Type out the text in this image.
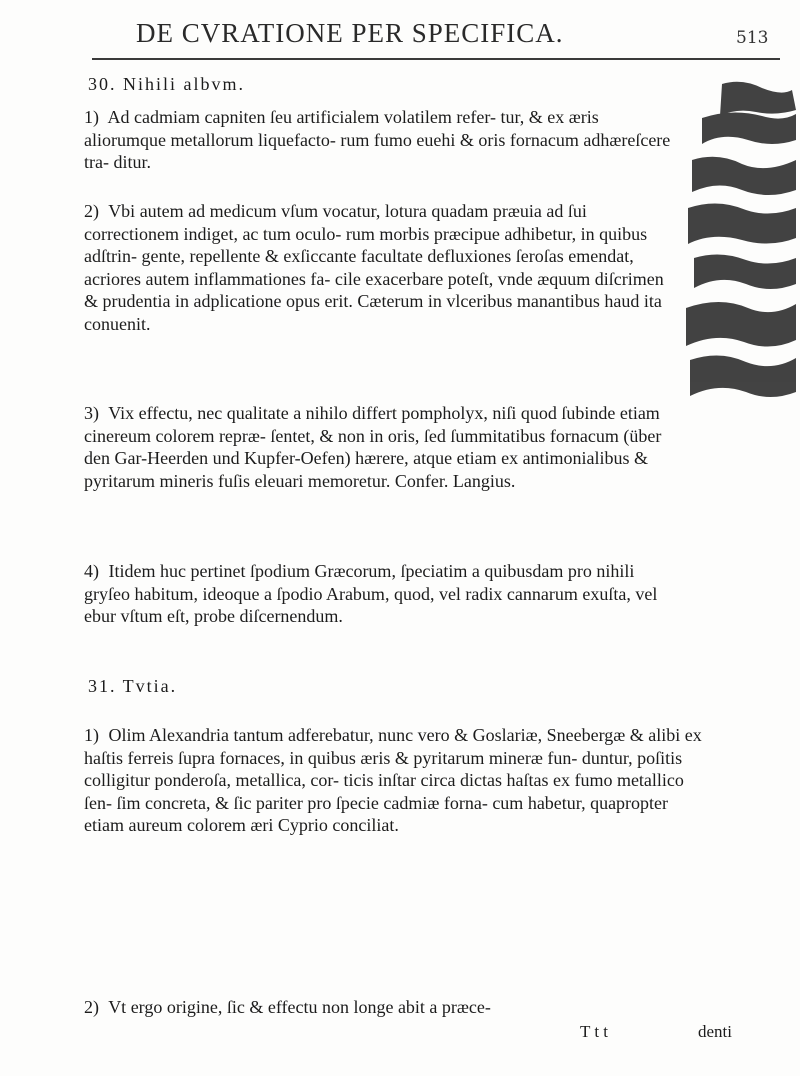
DE CVRATIONE PER SPECIFICA.	513
30. Nihili albvm.
1) Ad cadmiam capniten ſeu artificialem volatilem refer- tur, & ex æris aliorumque metallorum liquefacto- rum fumo euehi & oris fornacum adhæreſcere tra- ditur.
2) Vbi autem ad medicum vſum vocatur, lotura quadam præuia ad ſui correctionem indiget, ac tum oculo- rum morbis præcipue adhibetur, in quibus adſtrin- gente, repellente & exſiccante facultate defluxiones ſeroſas emendat, acriores autem inflammationes fa- cile exacerbare poteſt, vnde æquum diſcrimen & prudentia in adplicatione opus erit. Cæterum in vlceribus manantibus haud ita conuenit.
3) Vix effectu, nec qualitate a nihilo differt pompholyx, niſi quod ſubinde etiam cinereum colorem repræ- ſentet, & non in oris, ſed ſummitatibus fornacum (über den Gar-Heerden und Kupfer-Oefen) hærere, atque etiam ex antimonialibus & pyritarum mineris fuſis eleuari memoretur. Confer. Langius.
4) Itidem huc pertinet ſpodium Græcorum, ſpeciatim a quibusdam pro nihili gryſeo habitum, ideoque a ſpodio Arabum, quod, vel radix cannarum exuſta, vel ebur vſtum eſt, probe diſcernendum.
31. Tvtia.
1) Olim Alexandria tantum adferebatur, nunc vero & Goslariæ, Sneebergæ & alibi ex haſtis ferreis ſupra fornaces, in quibus æris & pyritarum mineræ fun- duntur, poſitis colligitur ponderoſa, metallica, cor- ticis inſtar circa dictas haſtas ex fumo metallico ſen- ſim concreta, & ſic pariter pro ſpecie cadmiæ forna- cum habetur, quapropter etiam aureum colorem æri Cyprio conciliat.
2) Vt ergo origine, ſic & effectu non longe abit a præce-
T t t	denti
